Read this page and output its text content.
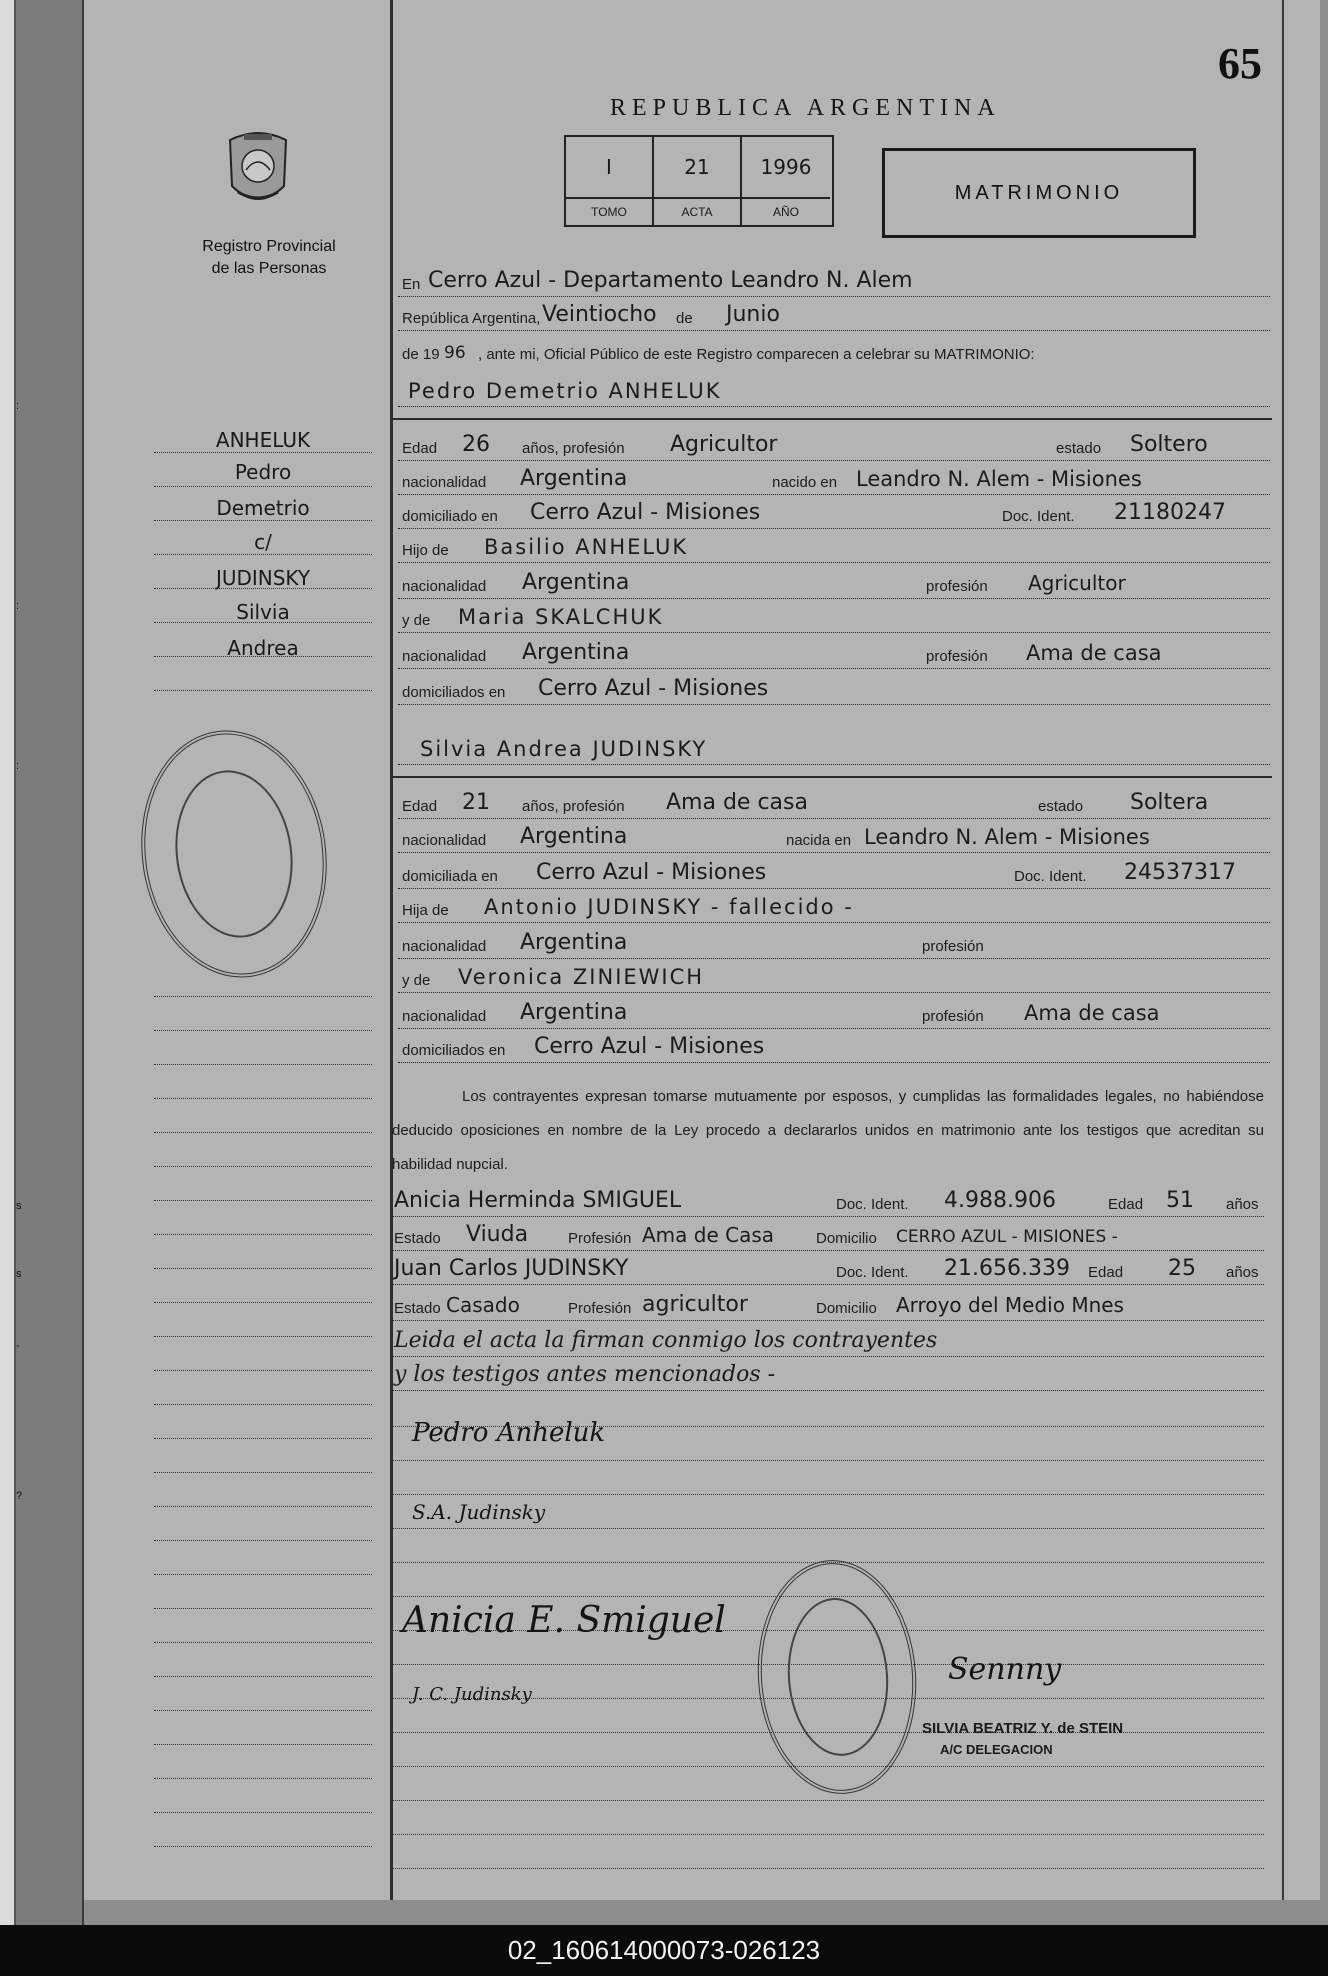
:
:
:
s
s
-
?
Registro Provincial
de las Personas
ANHELUK
Pedro
Demetrio
c/
JUDINSKY
Silvia
Andrea
REPUBLICA ARGENTINA
65
I	21	1996
TOMO	ACTA	AÑO
MATRIMONIO
En Cerro Azul - Departamento Leandro N. Alem
República Argentina, Veintiocho de Junio
de 19 96 , ante mi, Oficial Público de este Registro comparecen a celebrar su MATRIMONIO:
Pedro Demetrio ANHELUK
Edad 26 años, profesión Agricultor	estado Soltero
nacionalidad Argentina	nacido en Leandro N. Alem - Misiones
domiciliado en Cerro Azul - Misiones	Doc. Ident. 21180247
Hijo de Basilio ANHELUK
nacionalidad Argentina	profesión Agricultor
y de Maria SKALCHUK
nacionalidad Argentina	profesión Ama de casa
domiciliados en Cerro Azul - Misiones
Silvia Andrea JUDINSKY
Edad 21 años, profesión Ama de casa	estado Soltera
nacionalidad Argentina	nacida en Leandro N. Alem - Misiones
domiciliada en Cerro Azul - Misiones	Doc. Ident. 24537317
Hija de Antonio JUDINSKY - fallecido -
nacionalidad Argentina	profesión
y de Veronica ZINIEWICH
nacionalidad Argentina	profesión Ama de casa
domiciliados en Cerro Azul - Misiones
Los contrayentes expresan tomarse mutuamente por esposos, y cumplidas las formalidades legales, no habiéndose deducido oposiciones en nombre de la Ley procedo a declararlos unidos en matrimonio ante los testigos que acreditan su habilidad nupcial.
Anicia Herminda SMIGUEL	Doc. Ident. 4.988.906	Edad 51 años
Estado Viuda	Profesión Ama de Casa	Domicilio CERRO AZUL - MISIONES -
Juan Carlos JUDINSKY	Doc. Ident. 21.656.339 Edad 25 años
Estado Casado	Profesión agricultor	Domicilio Arroyo del Medio Mnes
Leida el acta la firman conmigo los contrayentes
y los testigos antes mencionados -
Pedro Anheluk
S.A. Judinsky
Anicia E. Smiguel
J. C. Judinsky
Sennny
SILVIA BEATRIZ Y. de STEIN
A/C DELEGACION
02_160614000073-026123
